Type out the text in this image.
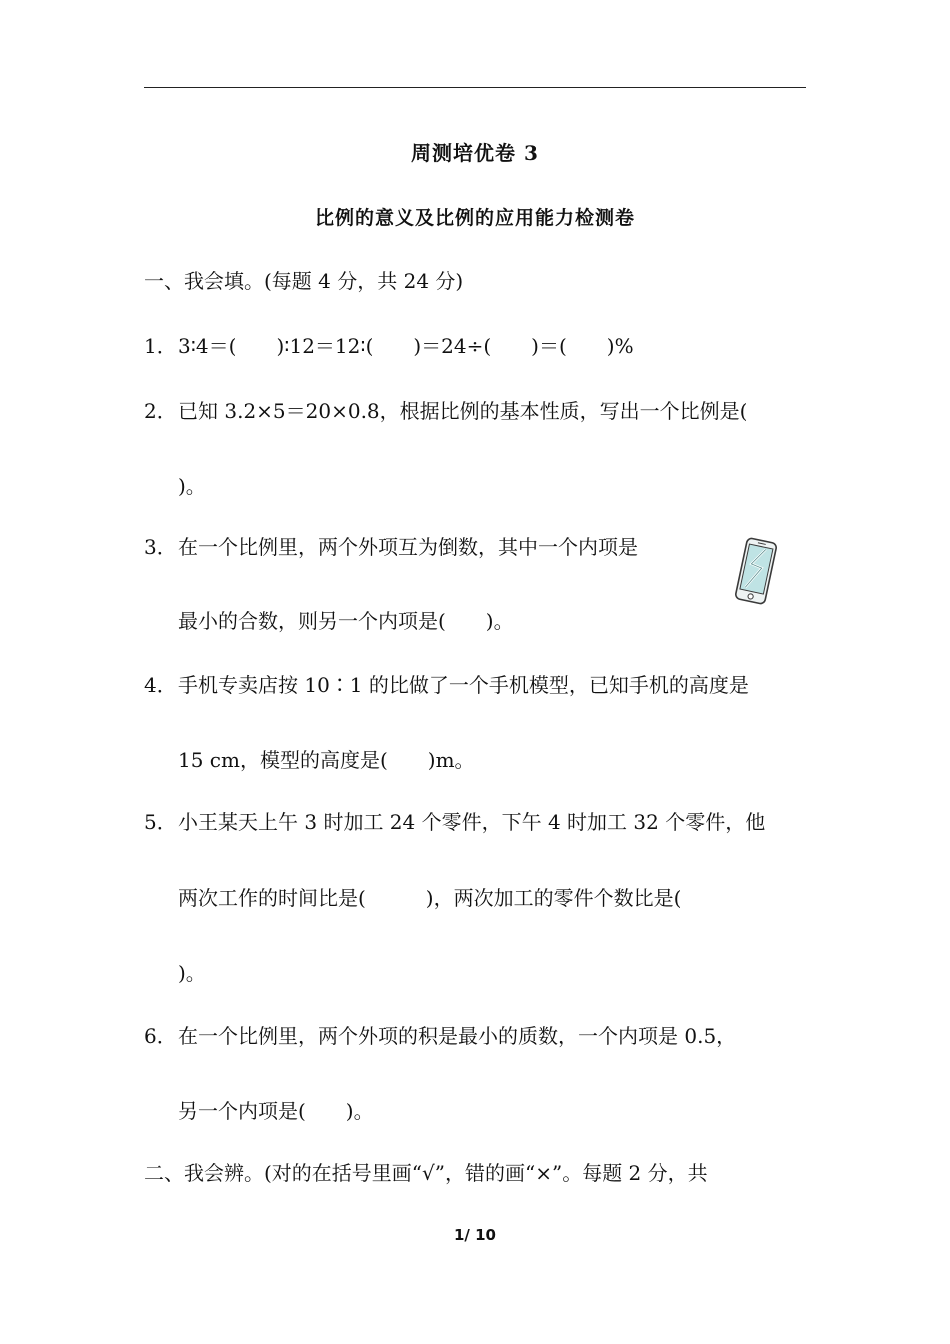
周测培优卷 3
比例的意义及比例的应用能力检测卷
一、我会填。(每题 4 分，共 24 分)
1．3∶4＝(　　)∶12＝12∶(　　)＝24÷(　　)＝(　　)%
2．已知 3.2×5＝20×0.8，根据比例的基本性质，写出一个比例是(
)。
3．在一个比例里，两个外项互为倒数，其中一个内项是
最小的合数，则另一个内项是(　　)。
4．手机专卖店按 10∶1 的比做了一个手机模型，已知手机的高度是
15 cm，模型的高度是(　　)m。
5．小王某天上午 3 时加工 24 个零件，下午 4 时加工 32 个零件，他
两次工作的时间比是(　　　)，两次加工的零件个数比是(
)。
6．在一个比例里，两个外项的积是最小的质数，一个内项是 0.5，
另一个内项是(　　)。
二、我会辨。(对的在括号里画“√”，错的画“×”。每题 2 分，共
1/ 10
